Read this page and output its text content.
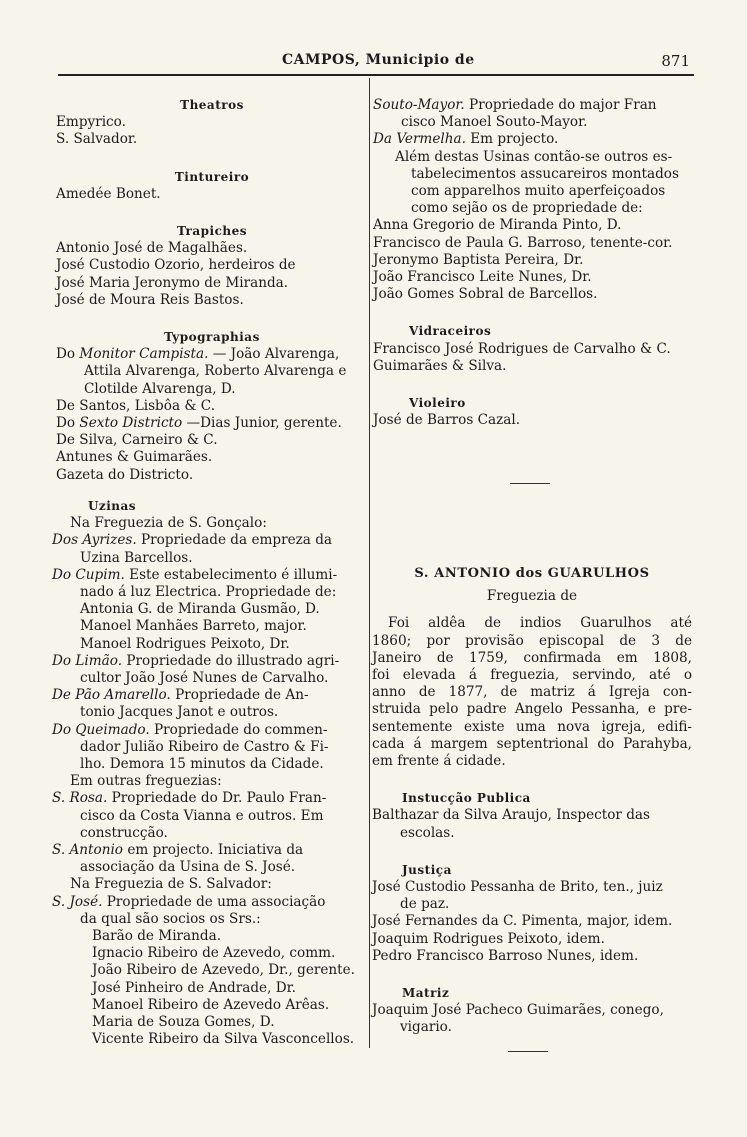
CAMPOS, Municipio de	871
Theatros
Empyrico.
S. Salvador.
Tintureiro
Amedée Bonet.
Trapiches
Antonio José de Magalhães.
José Custodio Ozorio, herdeiros de
José Maria Jeronymo de Miranda.
José de Moura Reis Bastos.
Typographias
Do Monitor Campista. — João Alvarenga,
Attila Alvarenga, Roberto Alvarenga e
Clotilde Alvarenga, D.
De Santos, Lisbôa & C.
Do Sexto Districto —Dias Junior, gerente.
De Silva, Carneiro & C.
Antunes & Guimarães.
Gazeta do Districto.
Uzinas
Na Freguezia de S. Gonçalo:
Dos Ayrizes. Propriedade da empreza da
Uzina Barcellos.
Do Cupim. Este estabelecimento é illumi-
nado á luz Electrica. Propriedade de:
Antonia G. de Miranda Gusmão, D.
Manoel Manhães Barreto, major.
Manoel Rodrigues Peixoto, Dr.
Do Limão. Propriedade do illustrado agri-
cultor João José Nunes de Carvalho.
De Pão Amarello. Propriedade de An-
tonio Jacques Janot e outros.
Do Queimado. Propriedade do commen-
dador Julião Ribeiro de Castro & Fi-
lho. Demora 15 minutos da Cidade.
Em outras freguezias:
S. Rosa. Propriedade do Dr. Paulo Fran-
cisco da Costa Vianna e outros. Em
construcção.
S. Antonio em projecto. Iniciativa da
associação da Usina de S. José.
Na Freguezia de S. Salvador:
S. José. Propriedade de uma associação
da qual são socios os Srs.:
Barão de Miranda.
Ignacio Ribeiro de Azevedo, comm.
João Ribeiro de Azevedo, Dr., gerente.
José Pinheiro de Andrade, Dr.
Manoel Ribeiro de Azevedo Arêas.
Maria de Souza Gomes, D.
Vicente Ribeiro da Silva Vasconcellos.
Souto-Mayor. Propriedade do major Fran
cisco Manoel Souto-Mayor.
Da Vermelha. Em projecto.
Além destas Usinas contão-se outros es-
tabelecimentos assucareiros montados
com apparelhos muito aperfeiçoados
como sejão os de propriedade de:
Anna Gregorio de Miranda Pinto, D.
Francisco de Paula G. Barroso, tenente-cor.
Jeronymo Baptista Pereira, Dr.
João Francisco Leite Nunes, Dr.
João Gomes Sobral de Barcellos.
Vidraceiros
Francisco José Rodrigues de Carvalho & C.
Guimarães & Silva.
Violeiro
José de Barros Cazal.
S. ANTONIO dos GUARULHOS
Freguezia de
Foi aldêa de indios Guarulhos até
1860; por provisão episcopal de 3 de
Janeiro de 1759, confirmada em 1808,
foi elevada á freguezia, servindo, até o
anno de 1877, de matriz á Igreja con-
struida pelo padre Angelo Pessanha, e pre-
sentemente existe uma nova igreja, edifi-
cada á margem septentrional do Parahyba,
em frente á cidade.
Instucção Publica
Balthazar da Silva Araujo, Inspector das
escolas.
Justiça
José Custodio Pessanha de Brito, ten., juiz
de paz.
José Fernandes da C. Pimenta, major, idem.
Joaquim Rodrigues Peixoto, idem.
Pedro Francisco Barroso Nunes, idem.
Matriz
Joaquim José Pacheco Guimarães, conego,
vigario.
